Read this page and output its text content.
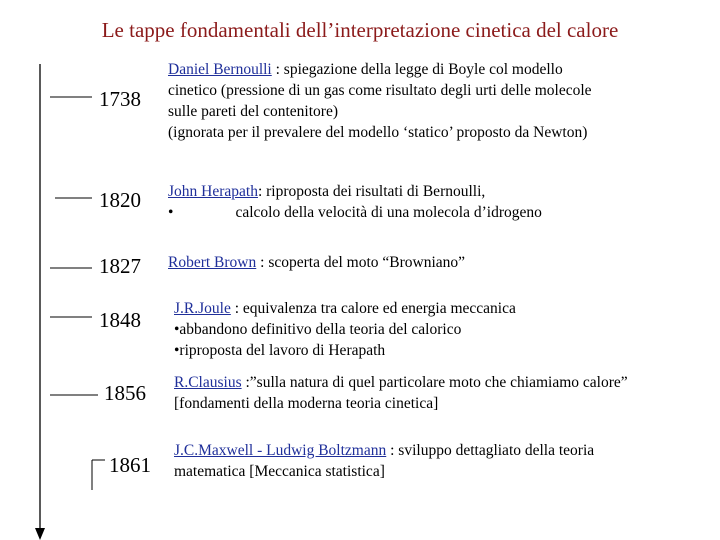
Le tappe fondamentali dell’interpretazione cinetica del calore
1738
Daniel Bernoulli : spiegazione della legge di Boyle col modello
cinetico (pressione di un gas come risultato degli urti delle molecole
sulle pareti del contenitore)
(ignorata per il prevalere del modello ‘statico’ proposto da Newton)
1820 John Herapath: riproposta dei risultati di Bernoulli,
•	calcolo della velocità di una molecola d’idrogeno
1827 Robert Brown : scoperta del moto “Browniano”
1848 J.R.Joule : equivalenza tra calore ed energia meccanica
•abbandono definitivo della teoria del calorico
•riproposta del lavoro di Herapath
1856 R.Clausius :”sulla natura di quel particolare moto che chiamiamo calore”
[fondamenti della moderna teoria cinetica]
1861
J.C.Maxwell - Ludwig Boltzmann : sviluppo dettagliato della teoria
matematica [Meccanica statistica]
